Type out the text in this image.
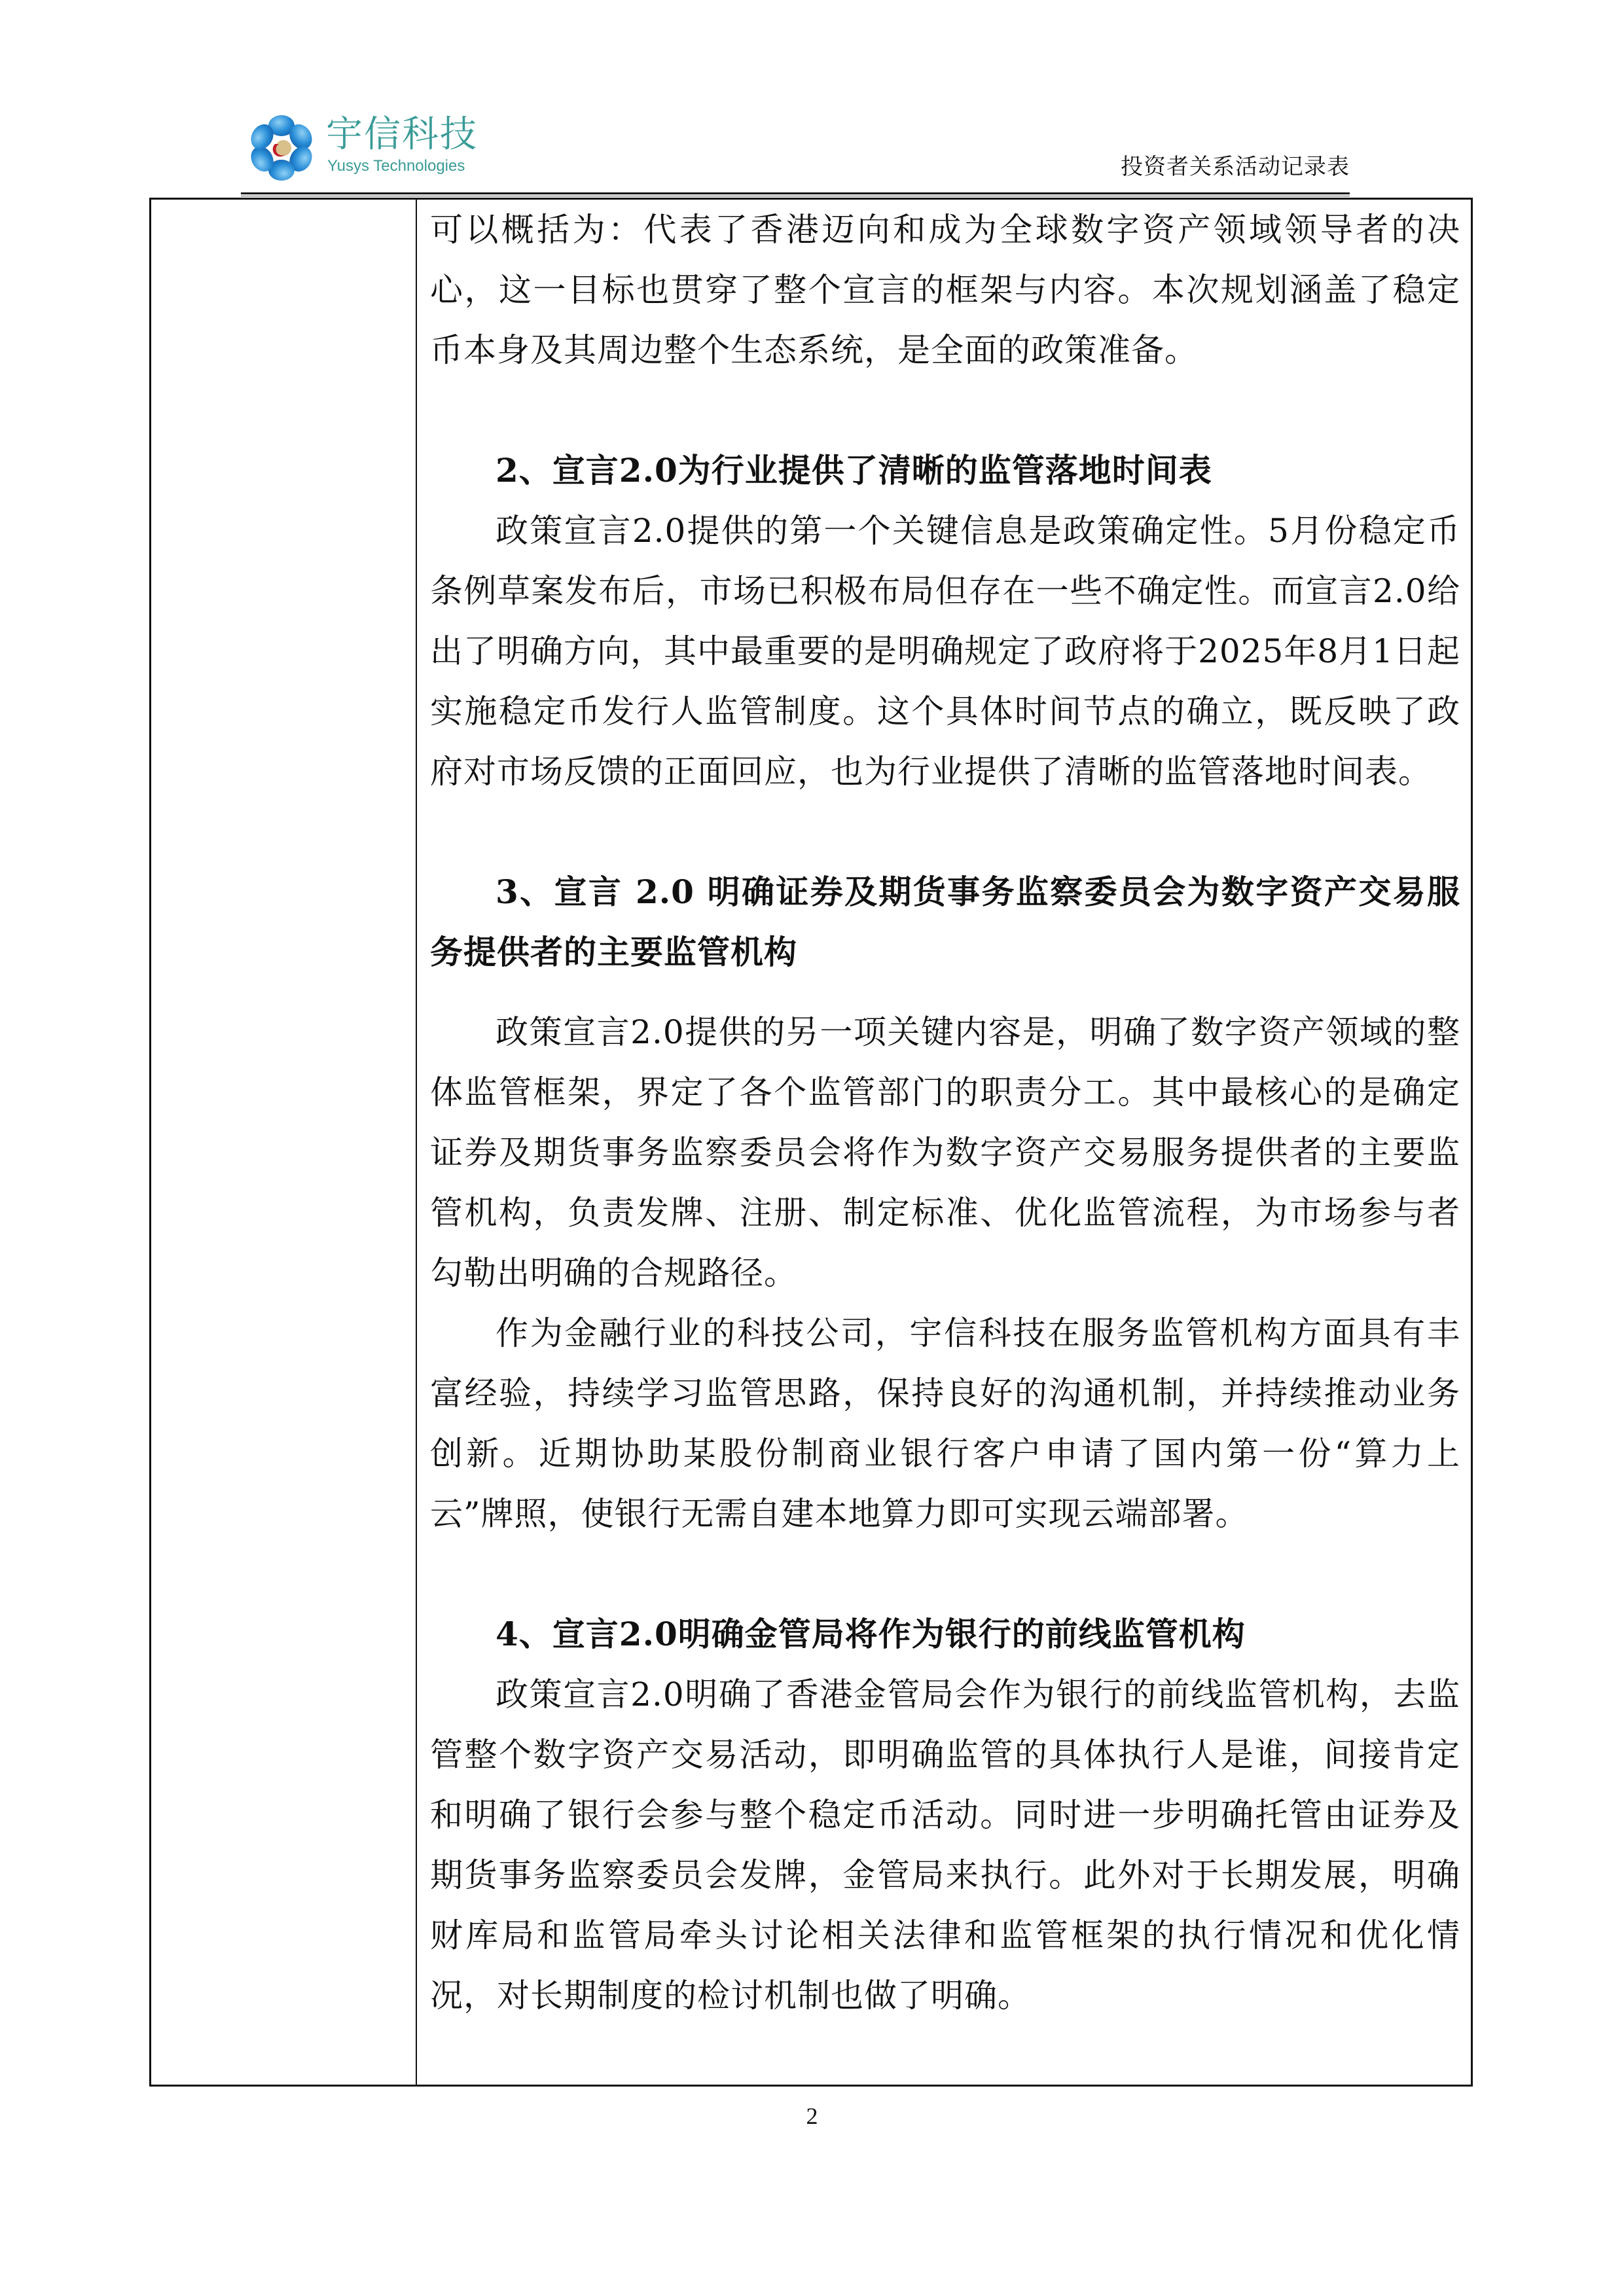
宇信科技
Yusys Technologies	投资者关系活动记录表

可以概括为：代表了香港迈向和成为全球数字资产领域领导者的决心，这一目标也贯穿了整个宣言的框架与内容。本次规划涵盖了稳定币本身及其周边整个生态系统，是全面的政策准备。

2、宣言2.0为行业提供了清晰的监管落地时间表

政策宣言2.0提供的第一个关键信息是政策确定性。5月份稳定币条例草案发布后，市场已积极布局但存在一些不确定性。而宣言2.0给出了明确方向，其中最重要的是明确规定了政府将于2025年8月1日起实施稳定币发行人监管制度。这个具体时间节点的确立，既反映了政府对市场反馈的正面回应，也为行业提供了清晰的监管落地时间表。

3、宣言 2.0 明确证券及期货事务监察委员会为数字资产交易服务提供者的主要监管机构

政策宣言2.0提供的另一项关键内容是，明确了数字资产领域的整体监管框架，界定了各个监管部门的职责分工。其中最核心的是确定证券及期货事务监察委员会将作为数字资产交易服务提供者的主要监管机构，负责发牌、注册、制定标准、优化监管流程，为市场参与者勾勒出明确的合规路径。

作为金融行业的科技公司，宇信科技在服务监管机构方面具有丰富经验，持续学习监管思路，保持良好的沟通机制，并持续推动业务创新。近期协助某股份制商业银行客户申请了国内第一份“算力上云”牌照，使银行无需自建本地算力即可实现云端部署。

4、宣言2.0明确金管局将作为银行的前线监管机构

政策宣言2.0明确了香港金管局会作为银行的前线监管机构，去监管整个数字资产交易活动，即明确监管的具体执行人是谁，间接肯定和明确了银行会参与整个稳定币活动。同时进一步明确托管由证券及期货事务监察委员会发牌，金管局来执行。此外对于长期发展，明确财库局和监管局牵头讨论相关法律和监管框架的执行情况和优化情况，对长期制度的检讨机制也做了明确。

2
